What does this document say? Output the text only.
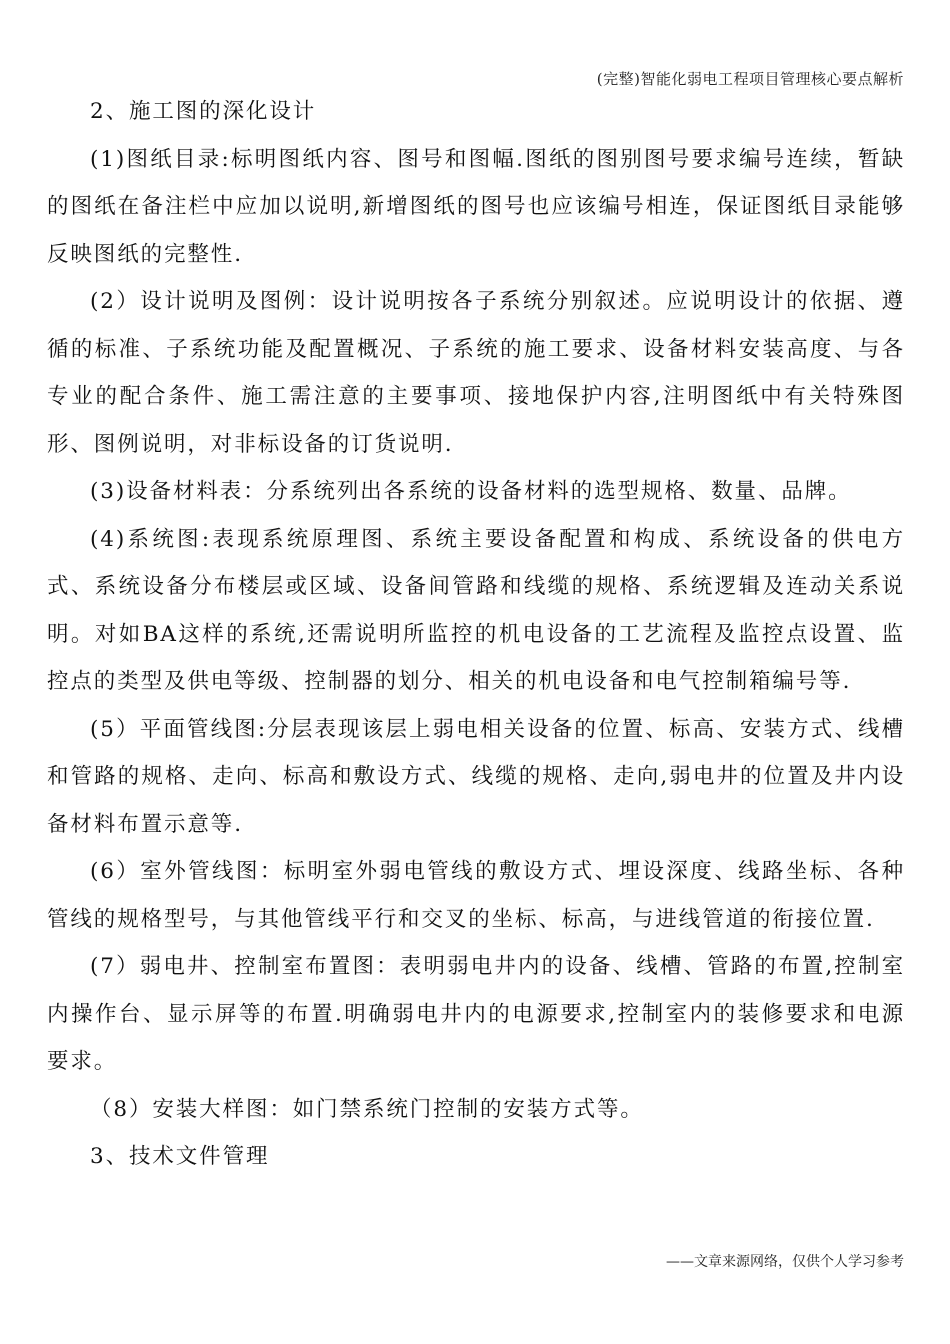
(完整)智能化弱电工程项目管理核心要点解析

2、施工图的深化设计

(1)图纸目录:标明图纸内容、图号和图幅.图纸的图别图号要求编号连续，暂缺的图纸在备注栏中应加以说明,新增图纸的图号也应该编号相连，保证图纸目录能够反映图纸的完整性.

(2）设计说明及图例：设计说明按各子系统分别叙述。应说明设计的依据、遵循的标准、子系统功能及配置概况、子系统的施工要求、设备材料安装高度、与各专业的配合条件、施工需注意的主要事项、接地保护内容,注明图纸中有关特殊图形、图例说明，对非标设备的订货说明.

(3)设备材料表：分系统列出各系统的设备材料的选型规格、数量、品牌。

(4)系统图:表现系统原理图、系统主要设备配置和构成、系统设备的供电方式、系统设备分布楼层或区域、设备间管路和线缆的规格、系统逻辑及连动关系说明。对如BA这样的系统,还需说明所监控的机电设备的工艺流程及监控点设置、监控点的类型及供电等级、控制器的划分、相关的机电设备和电气控制箱编号等.

(5）平面管线图:分层表现该层上弱电相关设备的位置、标高、安装方式、线槽和管路的规格、走向、标高和敷设方式、线缆的规格、走向,弱电井的位置及井内设备材料布置示意等.

(6）室外管线图：标明室外弱电管线的敷设方式、埋设深度、线路坐标、各种管线的规格型号，与其他管线平行和交叉的坐标、标高，与进线管道的衔接位置.

(7）弱电井、控制室布置图：表明弱电井内的设备、线槽、管路的布置,控制室内操作台、显示屏等的布置.明确弱电井内的电源要求,控制室内的装修要求和电源要求。

（8）安装大样图：如门禁系统门控制的安装方式等。

3、技术文件管理

——文章来源网络，仅供个人学习参考
